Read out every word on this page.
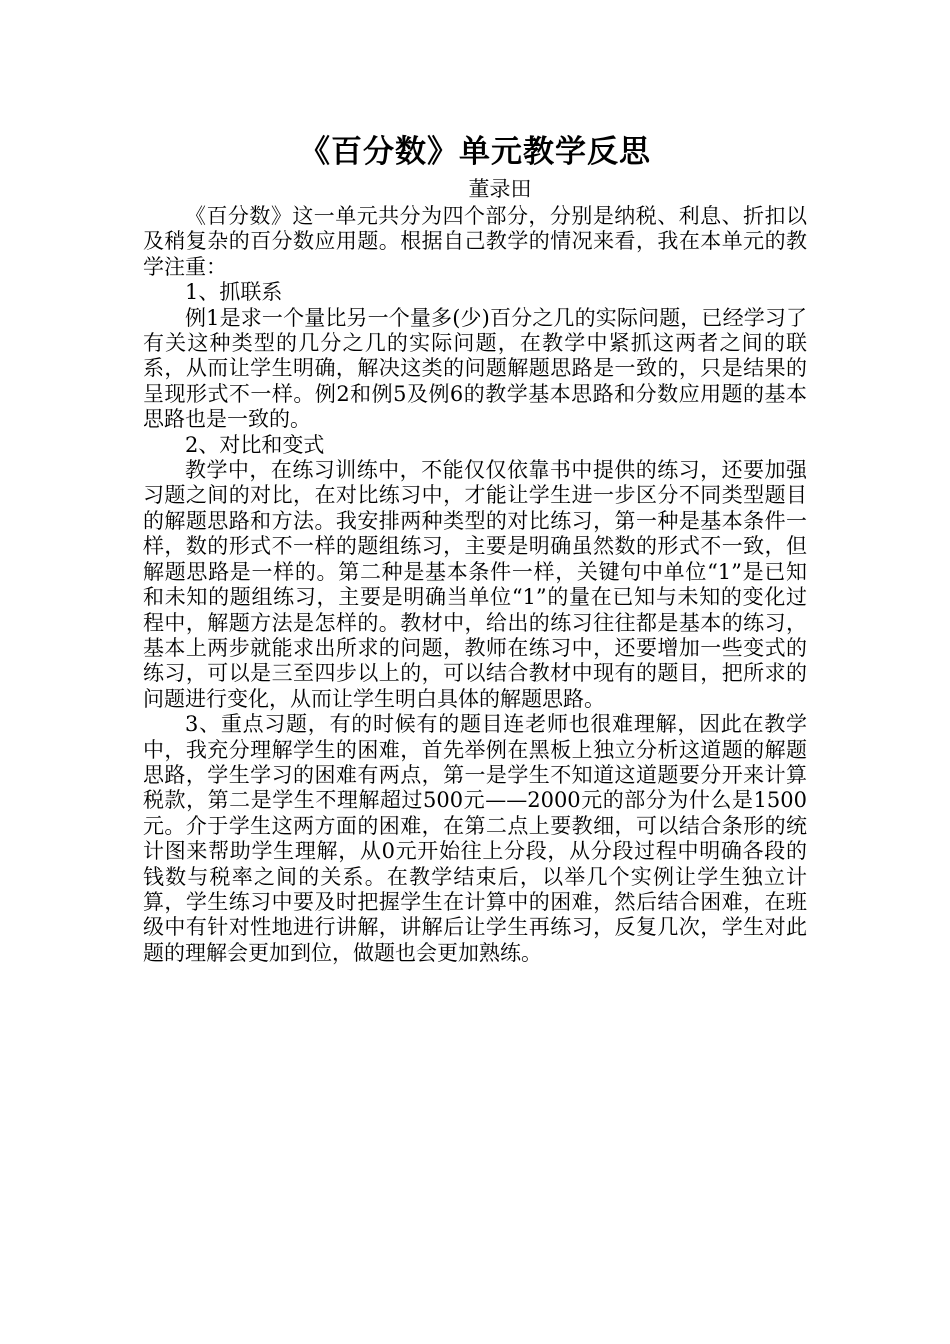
《百分数》单元教学反思

董录田

《百分数》这一单元共分为四个部分，分别是纳税、利息、折扣以及稍复杂的百分数应用题。根据自己教学的情况来看，我在本单元的教学注重：

1、抓联系

例1是求一个量比另一个量多(少)百分之几的实际问题，已经学习了有关这种类型的几分之几的实际问题，在教学中紧抓这两者之间的联系，从而让学生明确，解决这类的问题解题思路是一致的，只是结果的呈现形式不一样。例2和例5及例6的教学基本思路和分数应用题的基本思路也是一致的。

2、对比和变式

教学中，在练习训练中，不能仅仅依靠书中提供的练习，还要加强习题之间的对比，在对比练习中，才能让学生进一步区分不同类型题目的解题思路和方法。我安排两种类型的对比练习，第一种是基本条件一样，数的形式不一样的题组练习，主要是明确虽然数的形式不一致，但解题思路是一样的。第二种是基本条件一样，关键句中单位“1”是已知和未知的题组练习，主要是明确当单位“1”的量在已知与未知的变化过程中，解题方法是怎样的。教材中，给出的练习往往都是基本的练习，基本上两步就能求出所求的问题，教师在练习中，还要增加一些变式的练习，可以是三至四步以上的，可以结合教材中现有的题目，把所求的问题进行变化，从而让学生明白具体的解题思路。

3、重点习题，有的时候有的题目连老师也很难理解，因此在教学中，我充分理解学生的困难，首先举例在黑板上独立分析这道题的解题思路，学生学习的困难有两点，第一是学生不知道这道题要分开来计算税款，第二是学生不理解超过500元——2000元的部分为什么是1500元。介于学生这两方面的困难，在第二点上要教细，可以结合条形的统计图来帮助学生理解，从0元开始往上分段，从分段过程中明确各段的钱数与税率之间的关系。在教学结束后，以举几个实例让学生独立计算，学生练习中要及时把握学生在计算中的困难，然后结合困难，在班级中有针对性地进行讲解，讲解后让学生再练习，反复几次，学生对此题的理解会更加到位，做题也会更加熟练。
